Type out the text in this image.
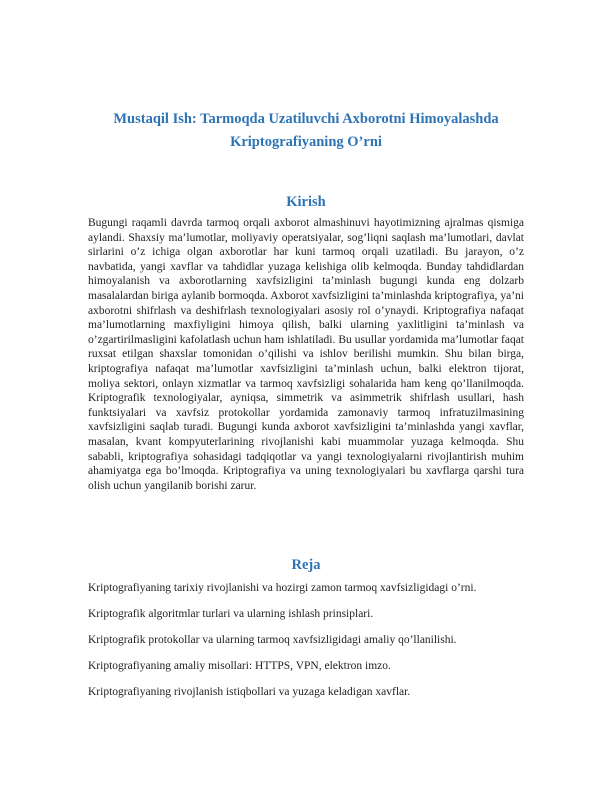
Mustaqil Ish: Tarmoqda Uzatiluvchi Axborotni Himoyalashda
Kriptografiyaning O’rni
Kirish

Bugungi raqamli davrda tarmoq orqali axborot almashinuvi hayotimizning ajralmas qismiga aylandi. Shaxsiy ma’lumotlar, moliyaviy operatsiyalar, sog’liqni saqlash ma’lumotlari, davlat sirlarini o’z ichiga olgan axborotlar har kuni tarmoq orqali uzatiladi. Bu jarayon, o’z navbatida, yangi xavflar va tahdidlar yuzaga kelishiga olib kelmoqda. Bunday tahdidlardan himoyalanish va axborotlarning xavfsizligini ta’minlash bugungi kunda eng dolzarb masalalardan biriga aylanib bormoqda. Axborot xavfsizligini ta’minlashda kriptografiya, ya’ni axborotni shifrlash va deshifrlash texnologiyalari asosiy rol o’ynaydi. Kriptografiya nafaqat ma’lumotlarning maxfiyligini himoya qilish, balki ularning yaxlitligini ta’minlash va o’zgartirilmasligini kafolatlash uchun ham ishlatiladi. Bu usullar yordamida ma’lumotlar faqat ruxsat etilgan shaxslar tomonidan o’qilishi va ishlov berilishi mumkin. Shu bilan birga, kriptografiya nafaqat ma’lumotlar xavfsizligini ta’minlash uchun, balki elektron tijorat, moliya sektori, onlayn xizmatlar va tarmoq xavfsizligi sohalarida ham keng qo’llanilmoqda. Kriptografik texnologiyalar, ayniqsa, simmetrik va asimmetrik shifrlash usullari, hash funktsiyalari va xavfsiz protokollar yordamida zamonaviy tarmoq infratuzilmasining xavfsizligini saqlab turadi. Bugungi kunda axborot xavfsizligini ta’minlashda yangi xavflar, masalan, kvant kompyuterlarining rivojlanishi kabi muammolar yuzaga kelmoqda. Shu sababli, kriptografiya sohasidagi tadqiqotlar va yangi texnologiyalarni rivojlantirish muhim ahamiyatga ega bo’lmoqda. Kriptografiya va uning texnologiyalari bu xavflarga qarshi tura olish uchun yangilanib borishi zarur.

Reja

Kriptografiyaning tarixiy rivojlanishi va hozirgi zamon tarmoq xavfsizligidagi o’rni.

Kriptografik algoritmlar turlari va ularning ishlash prinsiplari.

Kriptografik protokollar va ularning tarmoq xavfsizligidagi amaliy qo’llanilishi.

Kriptografiyaning amaliy misollari: HTTPS, VPN, elektron imzo.

Kriptografiyaning rivojlanish istiqbollari va yuzaga keladigan xavflar.
